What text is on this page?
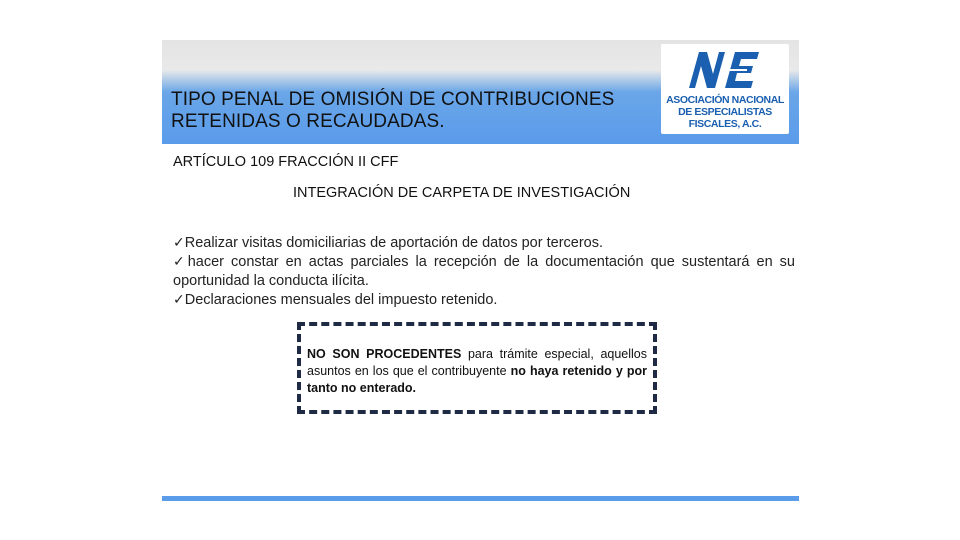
TIPO PENAL DE OMISIÓN DE CONTRIBUCIONES
RETENIDAS O RECAUDADAS.
ASOCIACIÓN NACIONAL
DE ESPECIALISTAS
FISCALES, A.C.

ARTÍCULO 109 FRACCIÓN II CFF

INTEGRACIÓN DE CARPETA DE INVESTIGACIÓN

✓Realizar visitas domiciliarias de aportación de datos por terceros.
✓hacer constar en actas parciales la recepción de la documentación que sustentará en su oportunidad la conducta ilícita.
✓Declaraciones mensuales del impuesto retenido.

NO SON PROCEDENTES para trámite especial, aquellos asuntos en los que el contribuyente no haya retenido y por tanto no enterado.
